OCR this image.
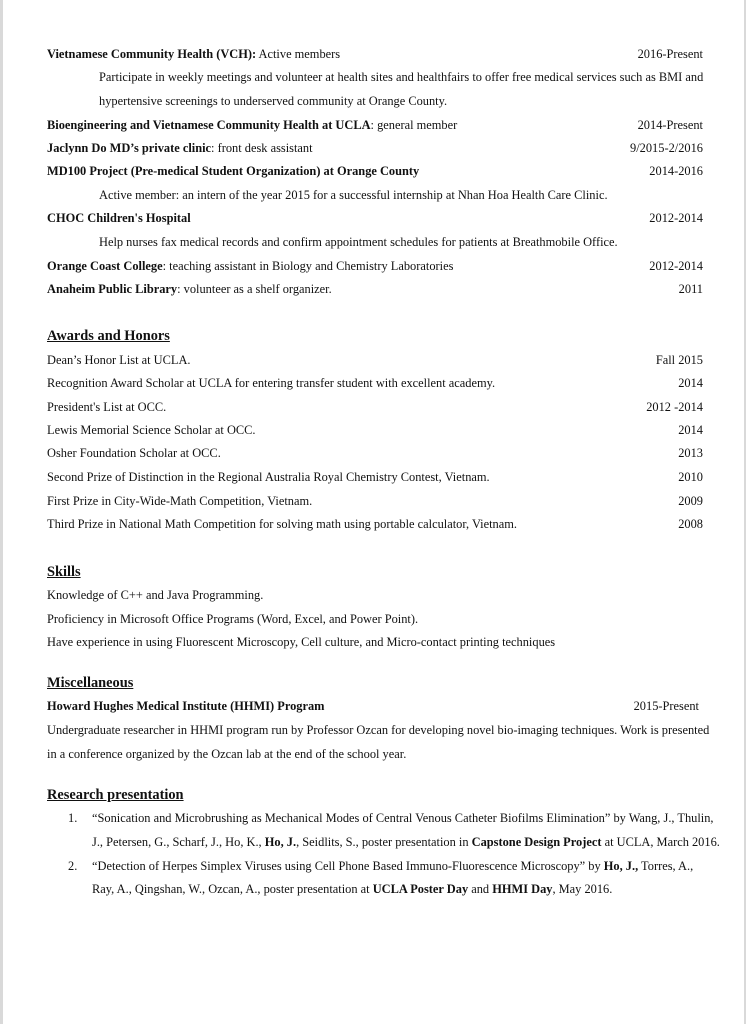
Vietnamese Community Health (VCH): Active members	2016-Present
Participate in weekly meetings and volunteer at health sites and healthfairs to offer free medical services such as BMI and
hypertensive screenings to underserved community at Orange County.
Bioengineering and Vietnamese Community Health at UCLA: general member	2014-Present
Jaclynn Do MD’s private clinic: front desk assistant	9/2015-2/2016
MD100 Project (Pre-medical Student Organization) at Orange County	2014-2016
Active member: an intern of the year 2015 for a successful internship at Nhan Hoa Health Care Clinic.
CHOC Children's Hospital	2012-2014
Help nurses fax medical records and confirm appointment schedules for patients at Breathmobile Office.
Orange Coast College: teaching assistant in Biology and Chemistry Laboratories	2012-2014
Anaheim Public Library: volunteer as a shelf organizer.	2011
Awards and Honors
Dean’s Honor List at UCLA.	Fall 2015
Recognition Award Scholar at UCLA for entering transfer student with excellent academy.	2014
President's List at OCC.	2012 -2014
Lewis Memorial Science Scholar at OCC.	2014
Osher Foundation Scholar at OCC.	2013
Second Prize of Distinction in the Regional Australia Royal Chemistry Contest, Vietnam.	2010
First Prize in City-Wide-Math Competition, Vietnam.	2009
Third Prize in National Math Competition for solving math using portable calculator, Vietnam.	2008
Skills
Knowledge of C++ and Java Programming.
Proficiency in Microsoft Office Programs (Word, Excel, and Power Point).
Have experience in using Fluorescent Microscopy, Cell culture, and Micro-contact printing techniques
Miscellaneous
Howard Hughes Medical Institute (HHMI) Program	2015-Present
Undergraduate researcher in HHMI program run by Professor Ozcan for developing novel bio-imaging techniques. Work is presented
in a conference organized by the Ozcan lab at the end of the school year.
Research presentation
1. “Sonication and Microbrushing as Mechanical Modes of Central Venous Catheter Biofilms Elimination” by Wang, J., Thulin,
J., Petersen, G., Scharf, J., Ho, K., Ho, J., Seidlits, S., poster presentation in Capstone Design Project at UCLA, March 2016.
2. “Detection of Herpes Simplex Viruses using Cell Phone Based Immuno-Fluorescence Microscopy” by Ho, J., Torres, A.,
Ray, A., Qingshan, W., Ozcan, A., poster presentation at UCLA Poster Day and HHMI Day, May 2016.
